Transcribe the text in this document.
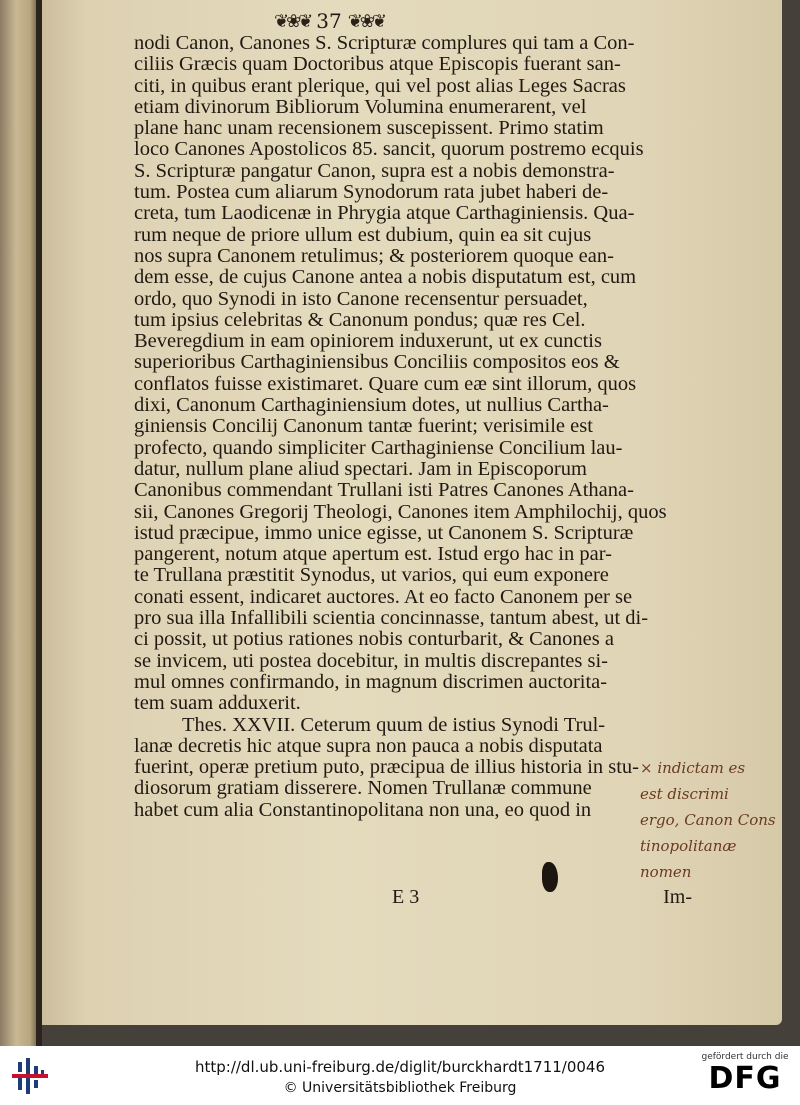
❦❀❦ 37 ❦❀❦
nodi Canon, Canones S. Scripturæ complures qui tam a Con-
ciliis Græcis quam Doctoribus atque Episcopis fuerant san-
citi, in quibus erant plerique, qui vel post alias Leges Sacras
etiam divinorum Bibliorum Volumina enumerarent, vel
plane hanc unam recensionem suscepissent. Primo statim
loco Canones Apostolicos 85. sancit, quorum postremo ecquis
S. Scripturæ pangatur Canon, supra est a nobis demonstra-
tum. Postea cum aliarum Synodorum rata jubet haberi de-
creta, tum Laodicenæ in Phrygia atque Carthaginiensis. Qua-
rum neque de priore ullum est dubium, quin ea sit cujus
nos supra Canonem retulimus; & posteriorem quoque ean-
dem esse, de cujus Canone antea a nobis disputatum est, cum
ordo, quo Synodi in isto Canone recensentur persuadet,
tum ipsius celebritas & Canonum pondus; quæ res Cel.
Beveregdium in eam opiniorem induxerunt, ut ex cunctis
superioribus Carthaginiensibus Conciliis compositos eos &
conflatos fuisse existimaret. Quare cum eæ sint illorum, quos
dixi, Canonum Carthaginiensium dotes, ut nullius Cartha-
giniensis Concilij Canonum tantæ fuerint; verisimile est
profecto, quando simpliciter Carthaginiense Concilium lau-
datur, nullum plane aliud spectari. Jam in Episcoporum
Canonibus commendant Trullani isti Patres Canones Athana-
sii, Canones Gregorij Theologi, Canones item Amphilochij, quos
istud præcipue, immo unice egisse, ut Canonem S. Scripturæ
pangerent, notum atque apertum est. Istud ergo hac in par-
te Trullana præstitit Synodus, ut varios, qui eum exponere
conati essent, indicaret auctores. At eo facto Canonem per se
pro sua illa Infallibili scientia concinnasse, tantum abest, ut di-
ci possit, ut potius rationes nobis conturbarit, & Canones a
se invicem, uti postea docebitur, in multis discrepantes si-
mul omnes confirmando, in magnum discrimen auctorita-
tem suam adduxerit.
Thes. XXVII. Ceterum quum de istius Synodi Trul-
lanæ decretis hic atque supra non pauca a nobis disputata
fuerint, operæ pretium puto, præcipua de illius historia in stu-
diosorum gratiam disserere. Nomen Trullanæ commune
habet cum alia Constantinopolitana non una, eo quod in
E 3	Im-
× indictam es
est discrimi
ergo, Canon Cons
tinopolitanæ
nomen
http://dl.ub.uni-freiburg.de/diglit/burckhardt1711/0046
© Universitätsbibliothek Freiburg
gefördert durch die
DFG
